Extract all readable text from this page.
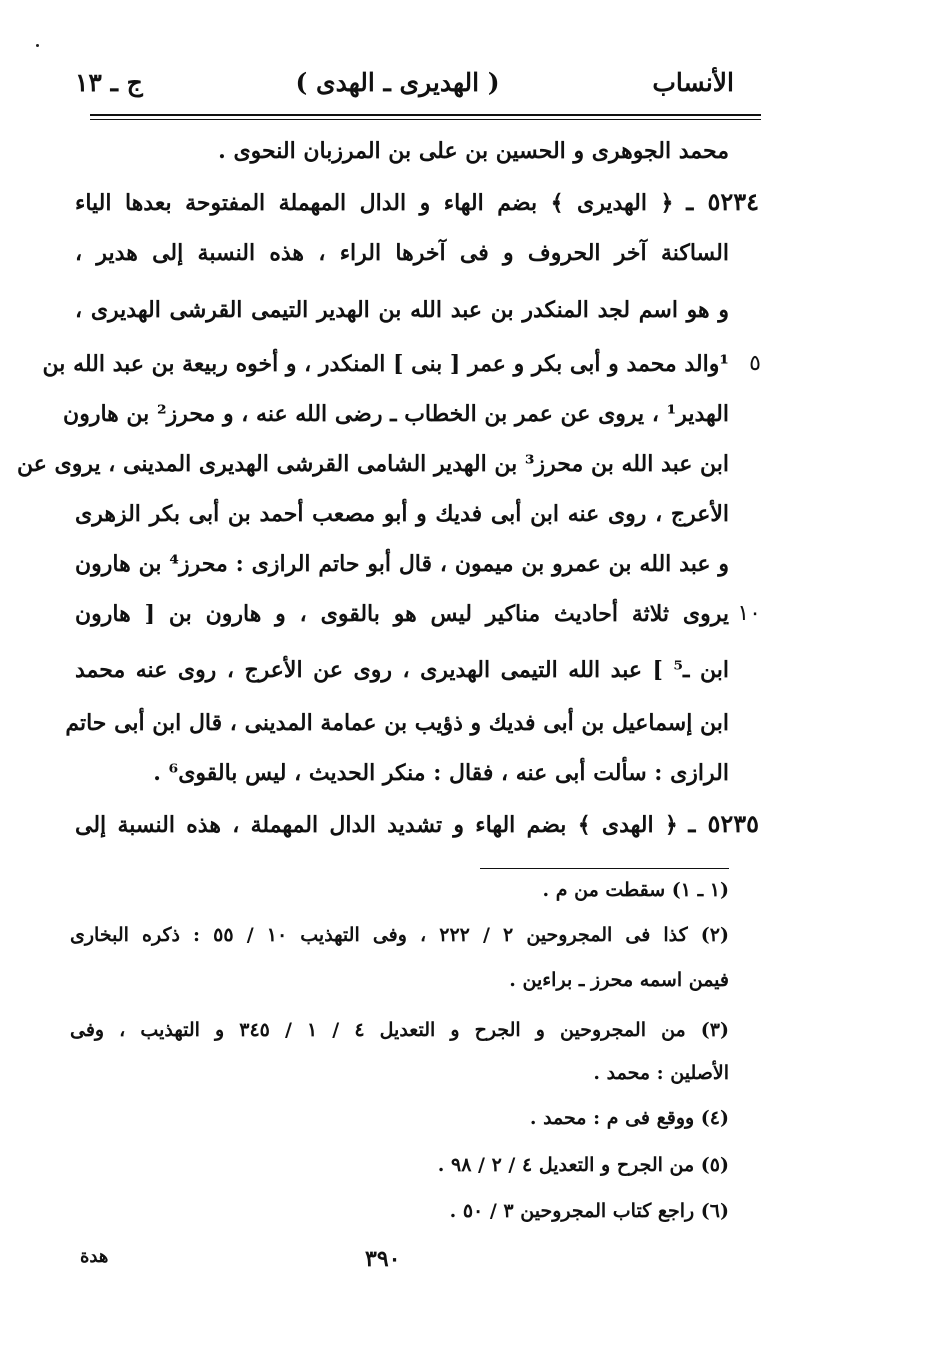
الأنساب
( الهديرى ـ الهدى )
ج ـ ١٣
محمد الجوهرى و الحسين بن على بن المرزبان النحوى .
٥٢٣٤ ـ ﴿ الهديرى ﴾ بضم الهاء و الدال المهملة المفتوحة بعدها الياء
الساكنة آخر الحروف و فى آخرها الراء ، هذه النسبة إلى هدير ،
و هو اسم لجد المنكدر بن عبد الله بن الهدير التيمى القرشى الهديرى ،
٥
¹والد محمد و أبى بكر و عمر [ بنى ] المنكدر ، و أخوه ربيعة بن عبد الله بن
الهدير¹ ، يروى عن عمر بن الخطاب ـ رضى الله عنه ، و محرز² بن هارون
ابن عبد الله بن محرز³ بن الهدير الشامى القرشى الهديرى المدينى ، يروى عن
الأعرج ، روى عنه ابن أبى فديك و أبو مصعب أحمد بن أبى بكر الزهرى
و عبد الله بن عمرو بن ميمون ، قال أبو حاتم الرازى : محرز⁴ بن هارون
١٠
يروى ثلاثة أحاديث مناكير ليس هو بالقوى ، و هارون بن [ هارون
ابن ـ⁵ ] عبد الله التيمى الهديرى ، روى عن الأعرج ، روى عنه محمد
ابن إسماعيل بن أبى فديك و ذؤيب بن عمامة المدينى ، قال ابن أبى حاتم
الرازى : سألت أبى عنه ، فقال : منكر الحديث ، ليس بالقوى⁶ .
٥٢٣٥ ـ ﴿ الهدى ﴾ بضم الهاء و تشديد الدال المهملة ، هذه النسبة إلى
(١ ـ ١) سقطت من م .
(٢) كذا فى المجروحين ٢ / ٢٢٢ ، وفى التهذيب ١٠ / ٥٥ : ذكره البخارى
فيمن اسمه محرز ـ براءين .
(٣) من المجروحين و الجرح و التعديل ٤ / ١ / ٣٤٥ و التهذيب ، وفى
الأصلين : محمد .
(٤) ووقع فى م : محمد .
(٥) من الجرح و التعديل ٤ / ٢ / ٩٨ .
(٦) راجع كتاب المجروحين ٣ / ٥٠ .
٣٩٠
هدة
